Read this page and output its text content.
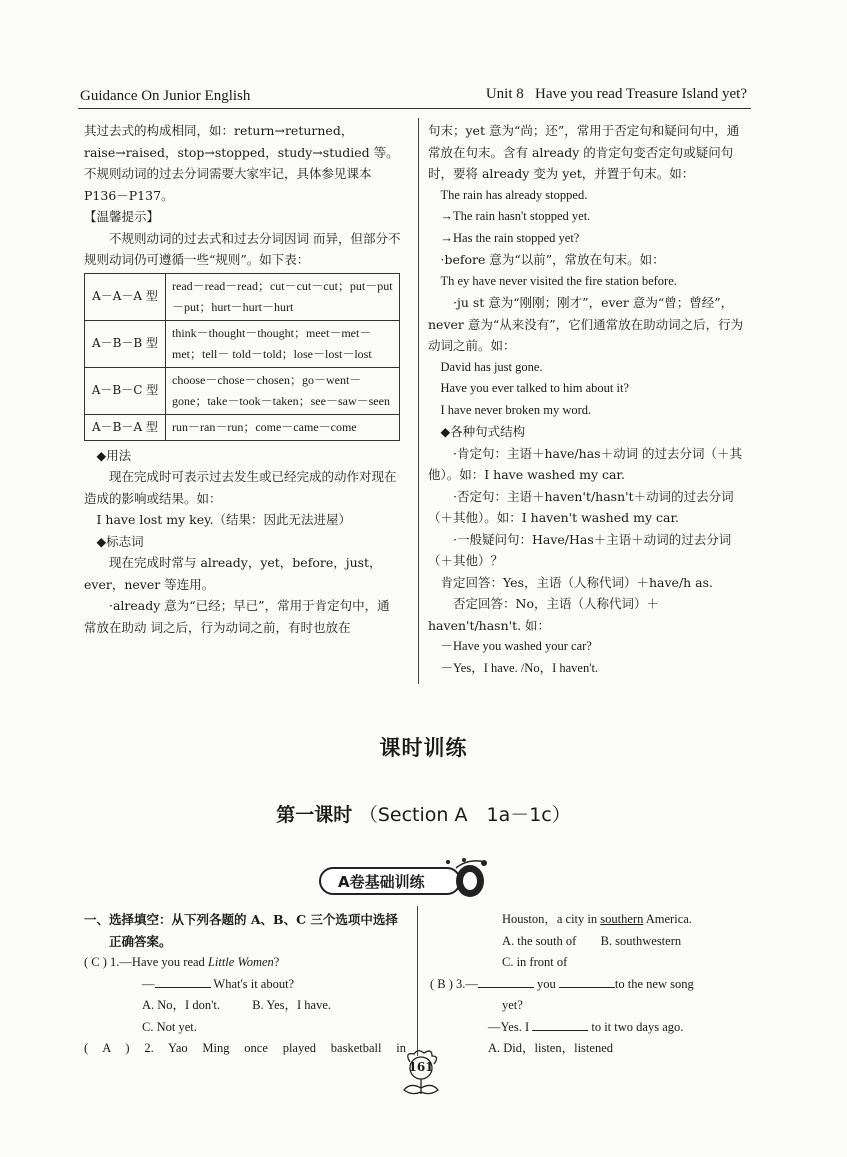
Guidance On Junior English	Unit 8   Have you read Treasure Island yet?

其过去式的构成相同，如：return→returned，raise→raised，stop→stopped，study→studied 等。不规则动词的过去分词需要大家牢记，具体参见课本 P136－P137。

【温馨提示】

不规则动词的过去式和过去分词因词 而异，但部分不规则动词仍可遵循一些“规则”。如下表：

A－A－A 型	read－read－read；cut－cut－cut；put－put－put；hurt－hurt－hurt
A－B－B 型	think－thought－thought；meet－met－met；tell－ told－told；lose－lost－lost
A－B－C 型	choose－chose－chosen；go－went－gone；take－took－taken；see－saw－seen
A－B－A 型	run－ran－run；come－came－come

◆用法

现在完成时可表示过去发生或已经完成的动作对现在造成的影响或结果。如：

I have lost my key.（结果：因此无法进屋）

◆标志词

现在完成时常与 already，yet，before，just，ever，never 等连用。

·already 意为“已经；早已”，常用于肯定句中，通常放在助动 词之后，行为动词之前，有时也放在

句末；yet 意为“尚；还”，常用于否定句和疑问句中，通常放在句末。含有 already 的肯定句变否定句或疑问句时，要将 already 变为 yet，并置于句末。如：

The rain has already stopped.

→The rain hasn't stopped yet.

→Has the rain stopped yet?

·before 意为“以前”，常放在句末。如：

Th ey have never visited the fire station before.

·ju st 意为“刚刚；刚才”，ever 意为“曾；曾经”，never 意为“从来没有”，它们通常放在助动词之后，行为动词之前。如：

David has just gone.

Have you ever talked to him about it?

I have never broken my word.

◆各种句式结构

·肯定句：主语＋have/has＋动词 的过去分词（＋其他）。如：I have washed my car.

·否定句：主语＋haven't/hasn't＋动词的过去分词（＋其他）。如：I haven't washed my car.

·一般疑问句：Have/Has＋主语＋动词的过去分词（＋其他）？

肯定回答：Yes，主语（人称代词）＋have/h as.

否定回答：No，主语（人称代词）＋haven't/hasn't. 如：

－Have you washed your car?

－Yes，I have. /No，I haven't.

课时训练
第一课时 （Section A　1a－1c）
A卷基础训练

一、选择填空：从下列各题的 A、B、C 三个选项中选择正确答案。

( C ) 1.—Have you read Little Women?

—	What's it about?

A. No，I don't.	B. Yes，I have.

C. Not yet.

( A ) 2. Yao Ming once played basketball in

Houston，a city in southern America.

A. the south of B. southwestern

C. in front of

( B ) 3.—	you	to the new song

yet?

—Yes. I	to it two days ago.

A. Did，listen，listened

161
